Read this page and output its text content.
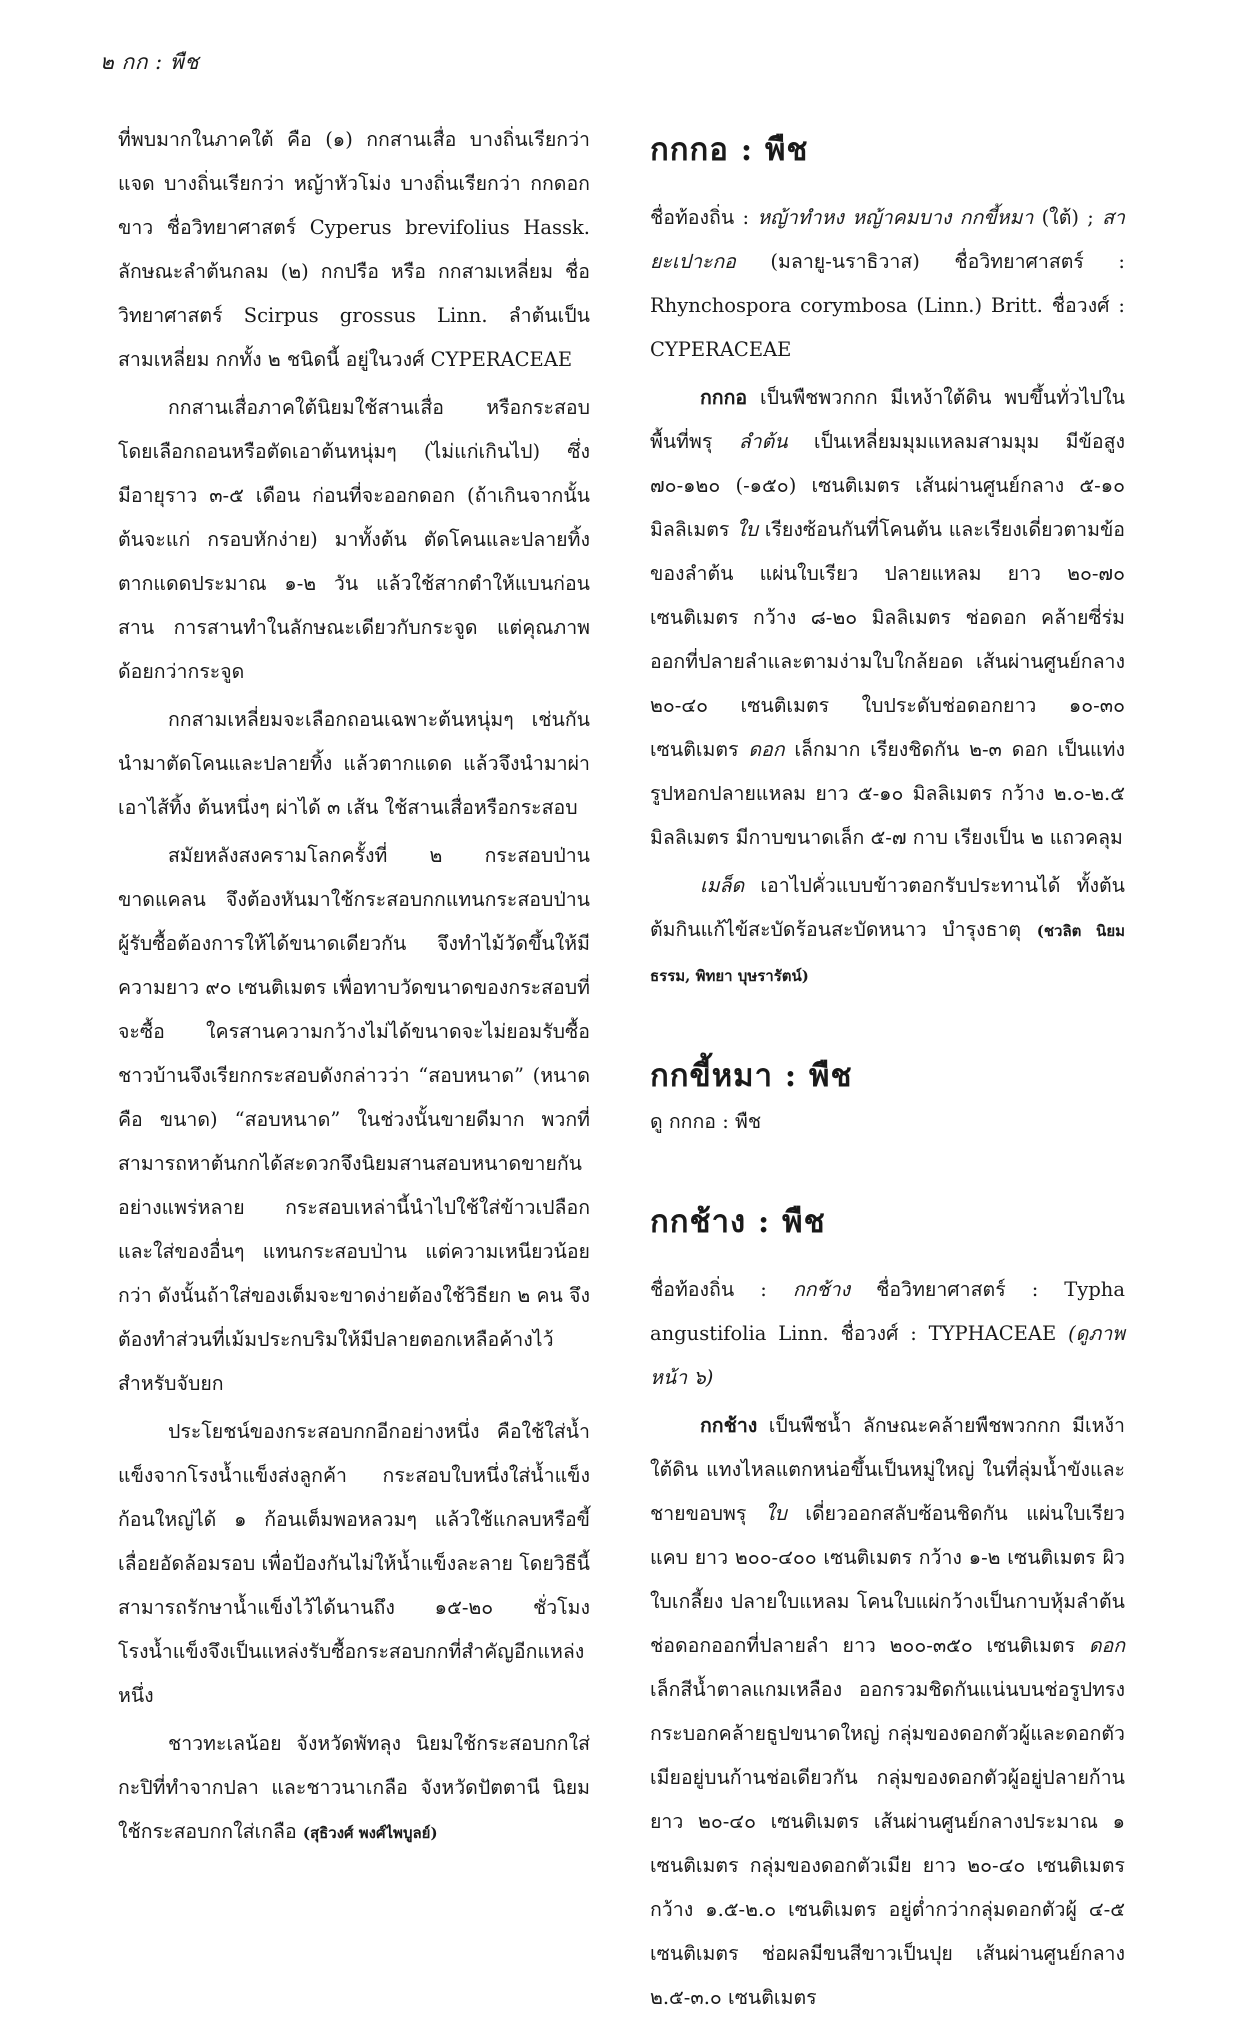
๒ กก : พืช

ที่พบมากในภาคใต้ คือ (๑) กกสานเสื่อ บางถิ่นเรียกว่า แจด บางถิ่นเรียกว่า หญ้าหัวโม่ง บางถิ่นเรียกว่า กกดอกขาว ชื่อวิทยาศาสตร์ Cyperus brevifolius Hassk. ลักษณะลำต้นกลม (๒) กกปรือ หรือ กกสามเหลี่ยม ชื่อวิทยาศาสตร์ Scirpus grossus Linn. ลำต้นเป็นสามเหลี่ยม กกทั้ง ๒ ชนิดนี้ อยู่ในวงศ์ CYPERACEAE

กกสานเสื่อภาคใต้นิยมใช้สานเสื่อ หรือกระสอบ โดยเลือกถอนหรือตัดเอาต้นหนุ่มๆ (ไม่แก่เกินไป) ซึ่งมีอายุราว ๓-๕ เดือน ก่อนที่จะออกดอก (ถ้าเกินจากนั้นต้นจะแก่ กรอบหักง่าย) มาทั้งต้น ตัดโคนและปลายทิ้ง ตากแดดประมาณ ๑-๒ วัน แล้วใช้สากตำให้แบนก่อนสาน การสานทำในลักษณะเดียวกับกระจูด แต่คุณภาพด้อยกว่ากระจูด

กกสามเหลี่ยมจะเลือกถอนเฉพาะต้นหนุ่มๆ เช่นกัน นำมาตัดโคนและปลายทิ้ง แล้วตากแดด แล้วจึงนำมาผ่าเอาไส้ทิ้ง ต้นหนึ่งๆ ผ่าได้ ๓ เส้น ใช้สานเสื่อหรือกระสอบ

สมัยหลังสงครามโลกครั้งที่ ๒ กระสอบป่านขาดแคลน จึงต้องหันมาใช้กระสอบกกแทนกระสอบป่าน ผู้รับซื้อต้องการให้ได้ขนาดเดียวกัน จึงทำไม้วัดขึ้นให้มีความยาว ๙๐ เซนติเมตร เพื่อทาบวัดขนาดของกระสอบที่จะซื้อ ใครสานความกว้างไม่ได้ขนาดจะไม่ยอมรับซื้อ ชาวบ้านจึงเรียกกระสอบดังกล่าวว่า “สอบหนาด” (หนาด คือ ขนาด) “สอบหนาด” ในช่วงนั้นขายดีมาก พวกที่สามารถหาต้นกกได้สะดวกจึงนิยมสานสอบหนาดขายกันอย่างแพร่หลาย กระสอบเหล่านี้นำไปใช้ใส่ข้าวเปลือกและใส่ของอื่นๆ แทนกระสอบป่าน แต่ความเหนียวน้อยกว่า ดังนั้นถ้าใส่ของเต็มจะขาดง่ายต้องใช้วิธียก ๒ คน จึงต้องทำส่วนที่เม้มประกบริมให้มีปลายตอกเหลือค้างไว้สำหรับจับยก

ประโยชน์ของกระสอบกกอีกอย่างหนึ่ง คือใช้ใส่น้ำแข็งจากโรงน้ำแข็งส่งลูกค้า กระสอบใบหนึ่งใส่น้ำแข็งก้อนใหญ่ได้ ๑ ก้อนเต็มพอหลวมๆ แล้วใช้แกลบหรือขี้เลื่อยอัดล้อมรอบ เพื่อป้องกันไม่ให้น้ำแข็งละลาย โดยวิธีนี้สามารถรักษาน้ำแข็งไว้ได้นานถึง ๑๕-๒๐ ชั่วโมง โรงน้ำแข็งจึงเป็นแหล่งรับซื้อกระสอบกกที่สำคัญอีกแหล่งหนึ่ง

ชาวทะเลน้อย จังหวัดพัทลุง นิยมใช้กระสอบกกใส่กะปิที่ทำจากปลา และชาวนาเกลือ จังหวัดปัตตานี นิยมใช้กระสอบกกใส่เกลือ (สุธิวงศ์ พงศ์ไพบูลย์)

กกกอ : พืช

ชื่อท้องถิ่น : หญ้าทำหง หญ้าคมบาง กกขี้หมา (ใต้) ; สายะเปาะกอ (มลายู-นราธิวาส) ชื่อวิทยาศาสตร์ : Rhynchospora corymbosa (Linn.) Britt. ชื่อวงศ์ : CYPERACEAE

กกกอ เป็นพืชพวกกก มีเหง้าใต้ดิน พบขึ้นทั่วไปในพื้นที่พรุ ลำต้น เป็นเหลี่ยมมุมแหลมสามมุม มีข้อสูง ๗๐-๑๒๐ (-๑๕๐) เซนติเมตร เส้นผ่านศูนย์กลาง ๕-๑๐ มิลลิเมตร ใบ เรียงซ้อนกันที่โคนต้น และเรียงเดี่ยวตามข้อของลำต้น แผ่นใบเรียว ปลายแหลม ยาว ๒๐-๗๐ เซนติเมตร กว้าง ๘-๒๐ มิลลิเมตร ช่อดอก คล้ายซี่ร่ม ออกที่ปลายลำและตามง่ามใบใกล้ยอด เส้นผ่านศูนย์กลาง ๒๐-๔๐ เซนติเมตร ใบประดับช่อดอกยาว ๑๐-๓๐ เซนติเมตร ดอก เล็กมาก เรียงชิดกัน ๒-๓ ดอก เป็นแท่งรูปหอกปลายแหลม ยาว ๕-๑๐ มิลลิเมตร กว้าง ๒.๐-๒.๕ มิลลิเมตร มีกาบขนาดเล็ก ๕-๗ กาบ เรียงเป็น ๒ แถวคลุม

เมล็ด เอาไปคั่วแบบข้าวตอกรับประทานได้ ทั้งต้นต้มกินแก้ไข้สะบัดร้อนสะบัดหนาว บำรุงธาตุ (ชวลิต นิยมธรรม, พิทยา บุษรารัตน์)

กกขี้หมา : พืช

ดู กกกอ : พืช

กกช้าง : พืช

ชื่อท้องถิ่น : กกช้าง ชื่อวิทยาศาสตร์ : Typha angustifolia Linn. ชื่อวงศ์ : TYPHACEAE (ดูภาพหน้า ๖)

กกช้าง เป็นพืชน้ำ ลักษณะคล้ายพืชพวกกก มีเหง้าใต้ดิน แทงไหลแตกหน่อขึ้นเป็นหมู่ใหญ่ ในที่ลุ่มน้ำขังและชายขอบพรุ ใบ เดี่ยวออกสลับซ้อนชิดกัน แผ่นใบเรียวแคบ ยาว ๒๐๐-๔๐๐ เซนติเมตร กว้าง ๑-๒ เซนติเมตร ผิวใบเกลี้ยง ปลายใบแหลม โคนใบแผ่กว้างเป็นกาบหุ้มลำต้น ช่อดอกออกที่ปลายลำ ยาว ๒๐๐-๓๕๐ เซนติเมตร ดอก เล็กสีน้ำตาลแกมเหลือง ออกรวมชิดกันแน่นบนช่อรูปทรงกระบอกคล้ายธูปขนาดใหญ่ กลุ่มของดอกตัวผู้และดอกตัวเมียอยู่บนก้านช่อเดียวกัน กลุ่มของดอกตัวผู้อยู่ปลายก้าน ยาว ๒๐-๔๐ เซนติเมตร เส้นผ่านศูนย์กลางประมาณ ๑ เซนติเมตร กลุ่มของดอกตัวเมีย ยาว ๒๐-๔๐ เซนติเมตร กว้าง ๑.๕-๒.๐ เซนติเมตร อยู่ต่ำกว่ากลุ่มดอกตัวผู้ ๔-๕ เซนติเมตร ช่อผลมีขนสีขาวเป็นปุย เส้นผ่านศูนย์กลาง ๒.๕-๓.๐ เซนติเมตร
